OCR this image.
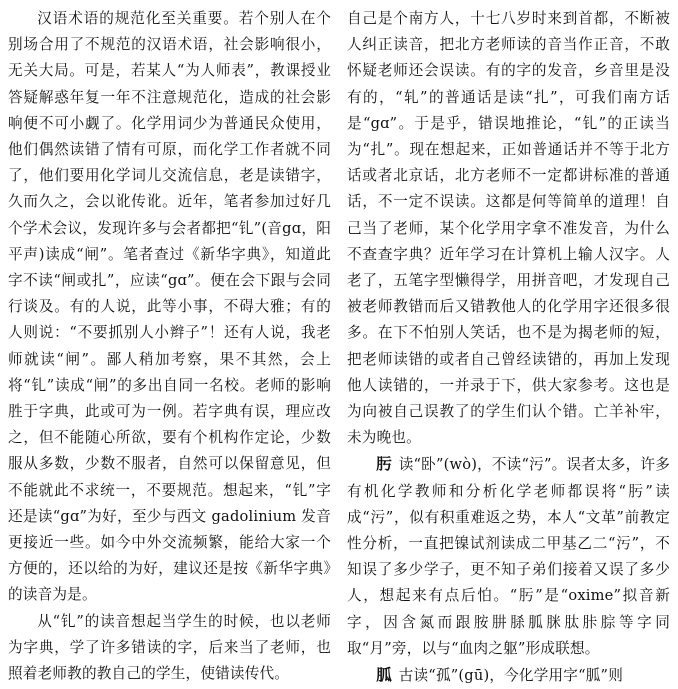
汉语术语的规范化至关重要。若个别人在个别场合用了不规范的汉语术语，社会影响很小，无关大局。可是，若某人“为人师表”，教课授业答疑解惑年复一年不注意规范化，造成的社会影响便不可小觑了。化学用词少为普通民众使用，他们偶然读错了情有可原，而化学工作者就不同了，他们要用化学词儿交流信息，老是读错字，久而久之，会以讹传讹。近年，笔者参加过好几个学术会议，发现许多与会者都把“钆”(音gɑ，阳平声)读成“闸”。笔者查过《新华字典》，知道此字不读“闸或扎”，应读“gɑ”。便在会下跟与会同行谈及。有的人说，此等小事，不碍大雅；有的人则说：“不要抓别人小辫子”！还有人说，我老师就读“闸”。鄙人稍加考察，果不其然，会上将“钆”读成“闸”的多出自同一名校。老师的影响胜于字典，此或可为一例。若字典有误，理应改之，但不能随心所欲，要有个机构作定论，少数服从多数，少数不服者，自然可以保留意见，但不能就此不求统一，不要规范。想起来，“钆”字还是读“gɑ”为好，至少与西文 gadolinium 发音更接近一些。如今中外交流频繁，能给大家一个方便的，还以给的为好，建议还是按《新华字典》的读音为是。

从“钆”的读音想起当学生的时候，也以老师为字典，学了许多错读的字，后来当了老师，也照着老师教的教自己的学生，使错读传代。

自己是个南方人，十七八岁时来到首都，不断被人纠正读音，把北方老师读的音当作正音，不敢怀疑老师还会误读。有的字的发音，乡音里是没有的，“轧”的普通话是读“扎”，可我们南方话是“gɑ”。于是乎，错误地推论，“钆”的正读当为“扎”。现在想起来，正如普通话并不等于北方话或者北京话，北方老师不一定都讲标准的普通话，不一定不误读。这都是何等简单的道理！自己当了老师，某个化学用字拿不准发音，为什么不查查字典？近年学习在计算机上输人汉字。人老了，五笔字型懒得学，用拼音吧，才发现自己被老师教错而后又错教他人的化学用字还很多很多。在下不怕别人笑话，也不是为揭老师的短，把老师读错的或者自己曾经读错的，再加上发现他人读错的，一并录于下，供大家参考。这也是为向被自己误教了的学生们认个错。亡羊补牢，未为晚也。

肟 读“卧”(wò)，不读“污”。误者太多，许多有机化学教师和分析化学老师都误将“肟”读成“污”，似有积重难返之势，本人“文革”前教定性分析，一直把镍试剂读成二甲基乙二“污”，不知误了多少学子，更不知子弟们接着又误了多少人，想起来有点后怕。“肟”是“oxime”拟音新字，因含氮而跟胺肼脎胍脒肽胩腙等字同取“月”旁，以与“血肉之躯”形成联想。

胍 古读“孤”(gū)，今化学用字“胍”则
